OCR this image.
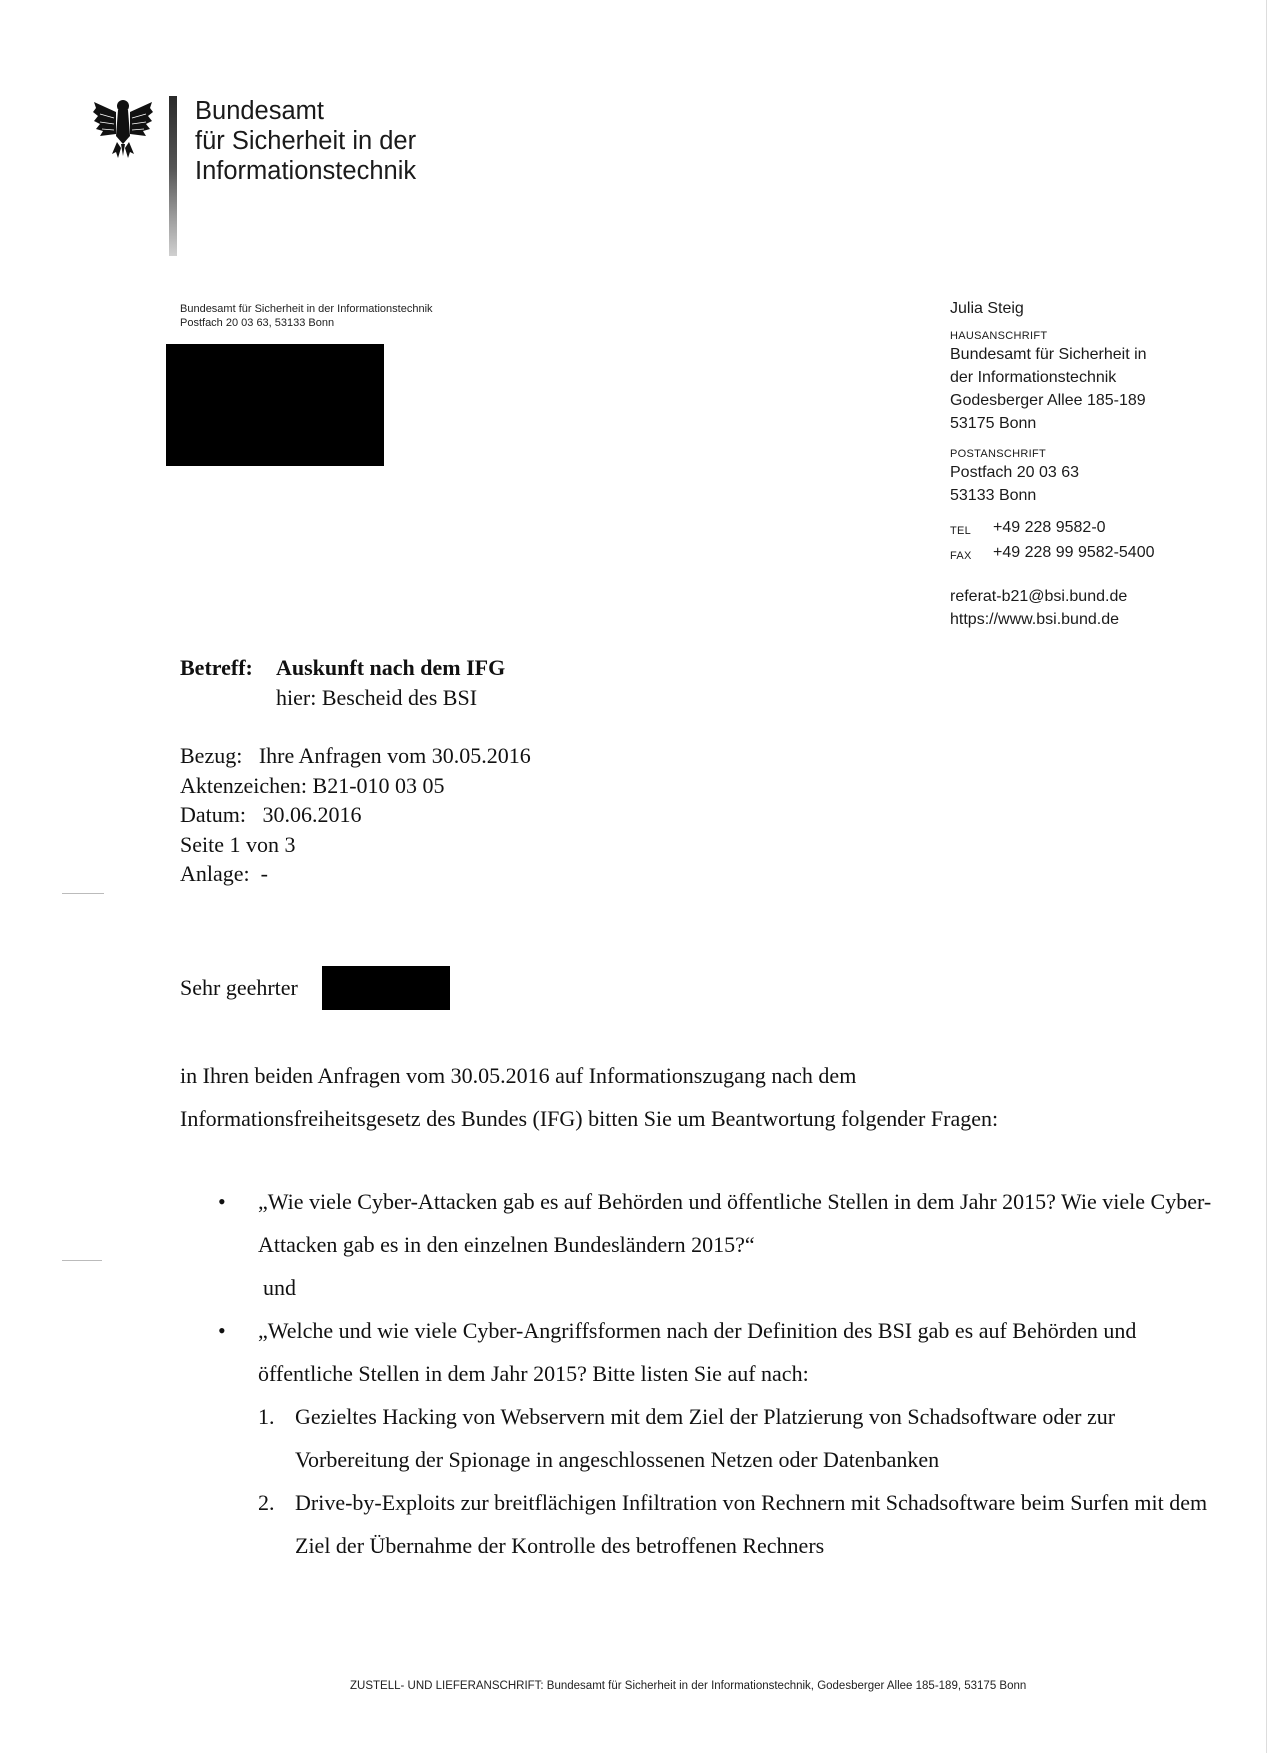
Bundesamt
für Sicherheit in der
Informationstechnik
Bundesamt für Sicherheit in der Informationstechnik
Postfach 20 03 63, 53133 Bonn
Julia Steig
HAUSANSCHRIFT
Bundesamt für Sicherheit in
der Informationstechnik
Godesberger Allee 185-189
53175 Bonn
POSTANSCHRIFT
Postfach 20 03 63
53133 Bonn
TEL	+49 228 9582-0
FAX	+49 228 99 9582-5400
referat-b21@bsi.bund.de
https://www.bsi.bund.de
Betreff: Auskunft nach dem IFG
hier: Bescheid des BSI
Bezug:   Ihre Anfragen vom 30.05.2016
Aktenzeichen: B21-010 03 05
Datum:   30.06.2016
Seite 1 von 3
Anlage:  -
Sehr geehrter

in Ihren beiden Anfragen vom 30.05.2016 auf Informationszugang nach dem

Informationsfreiheitsgesetz des Bundes (IFG) bitten Sie um Beantwortung folgender Fragen:

• „Wie viele Cyber-Attacken gab es auf Behörden und öffentliche Stellen in dem Jahr 2015? Wie viele Cyber-Attacken gab es in den einzelnen Bundesländern 2015?“
und
• „Welche und wie viele Cyber-Angriffsformen nach der Definition des BSI gab es auf Behörden und öffentliche Stellen in dem Jahr 2015? Bitte listen Sie auf nach:
1. Gezieltes Hacking von Webservern mit dem Ziel der Platzierung von Schadsoftware oder zur Vorbereitung der Spionage in angeschlossenen Netzen oder Datenbanken
2. Drive-by-Exploits zur breitflächigen Infiltration von Rechnern mit Schadsoftware beim Surfen mit dem Ziel der Übernahme der Kontrolle des betroffenen Rechners
ZUSTELL- UND LIEFERANSCHRIFT: Bundesamt für Sicherheit in der Informationstechnik, Godesberger Allee 185-189, 53175 Bonn
